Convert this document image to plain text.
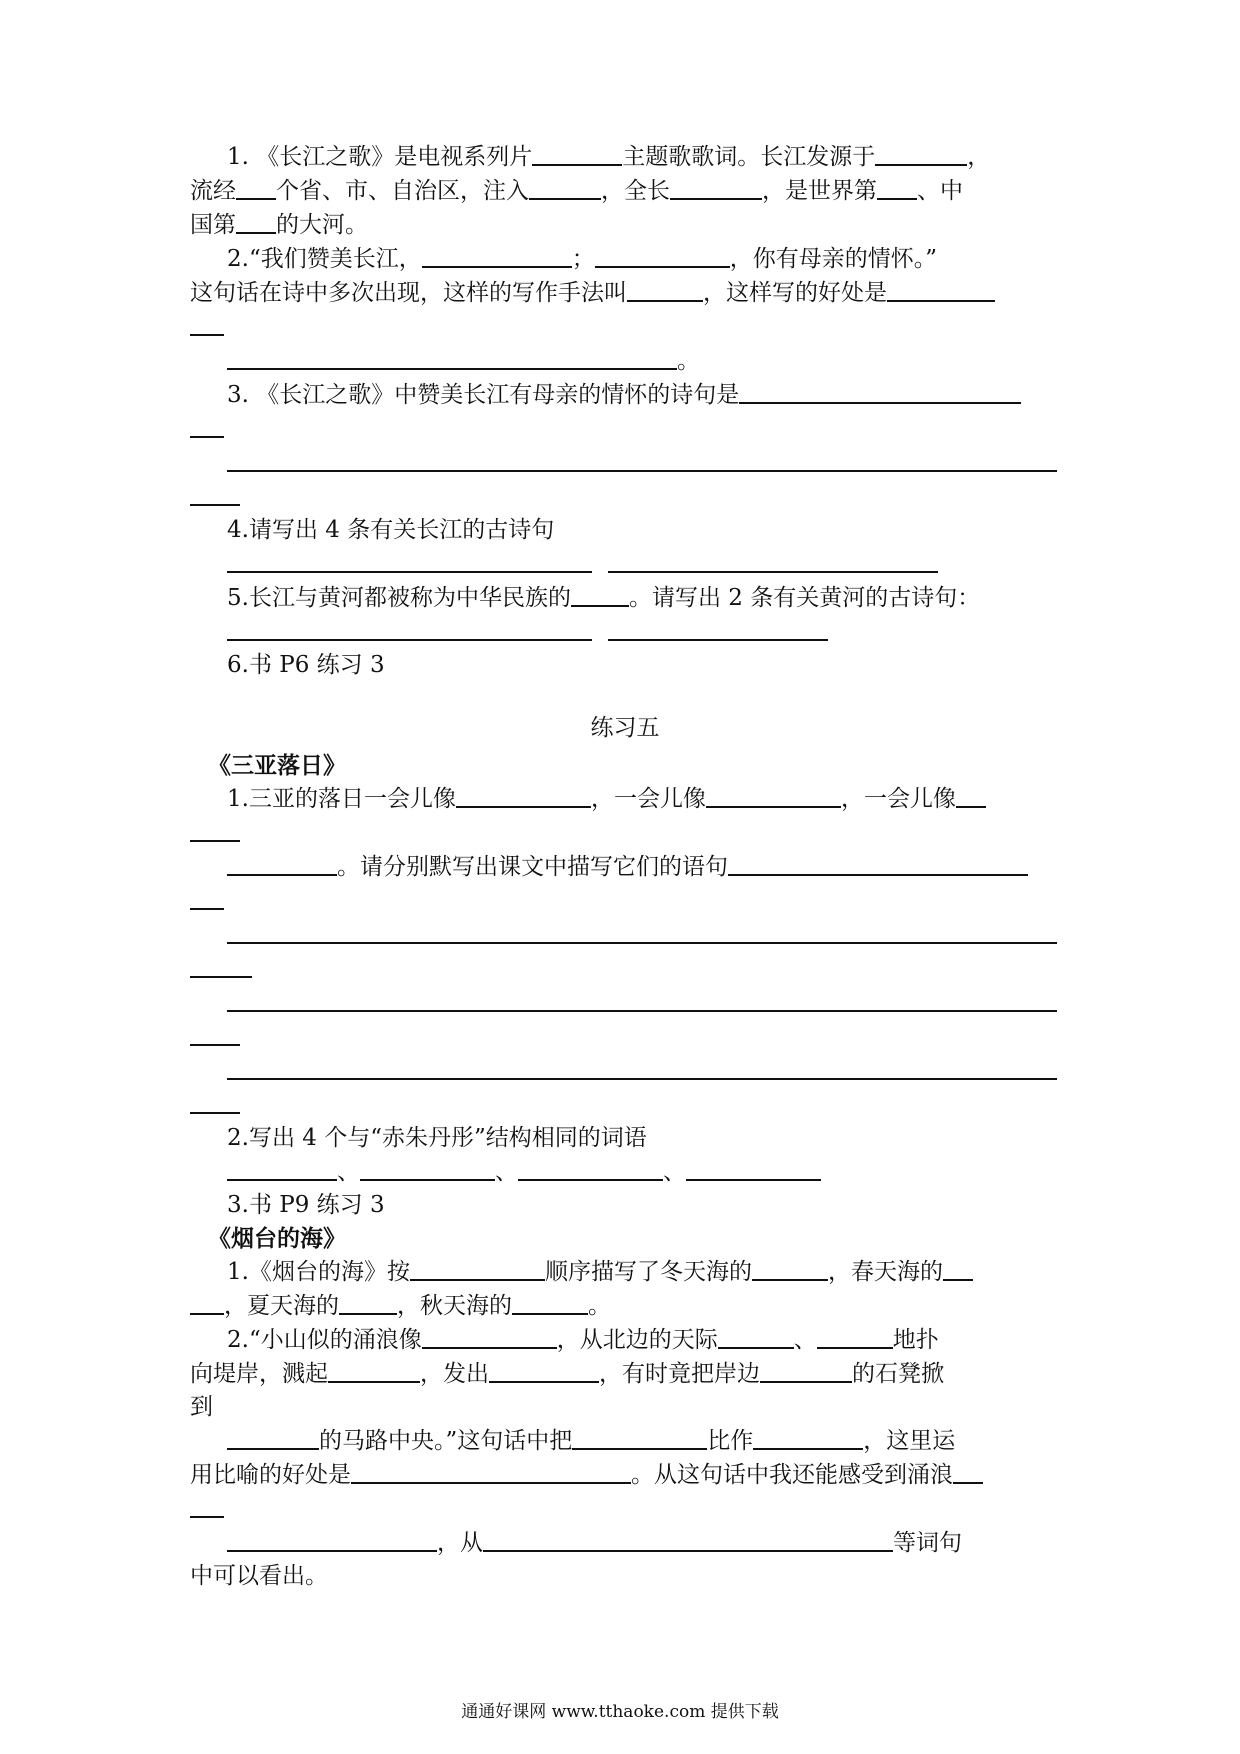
1. 《长江之歌》是电视系列片	主题歌歌词。长江发源于	，

流经 个省、市、自治区，注入	，全长	，是世界第 、中

国第 的大河。

2.“我们赞美长江，	；	，你有母亲的情怀。”

这句话在诗中多次出现，这样的写作手法叫	，这样写的好处是

。

3. 《长江之歌》中赞美长江有母亲的情怀的诗句是

4.请写出 4 条有关长江的古诗句

5.长江与黄河都被称为中华民族的	。请写出 2 条有关黄河的古诗句：

6.书 P6 练习 3

练习五

《三亚落日》

1.三亚的落日一会儿像	，一会儿像	，一会儿像

。请分别默写出课文中描写它们的语句

2.写出 4 个与“赤朱丹彤”结构相同的词语

、	、	、

3.书 P9 练习 3

《烟台的海》

1.《烟台的海》按	顺序描写了冬天海的	，春天海的

，夏天海的	，秋天海的	。

2.“小山似的涌浪像	，从北边的天际	、	地扑

向堤岸，溅起	，发出	，有时竟把岸边	的石凳掀

到

的马路中央。”这句话中把	比作	，这里运

用比喻的好处是	。从这句话中我还能感受到涌浪

，从	等词句

中可以看出。

通通好课网 www.tthaoke.com 提供下载
